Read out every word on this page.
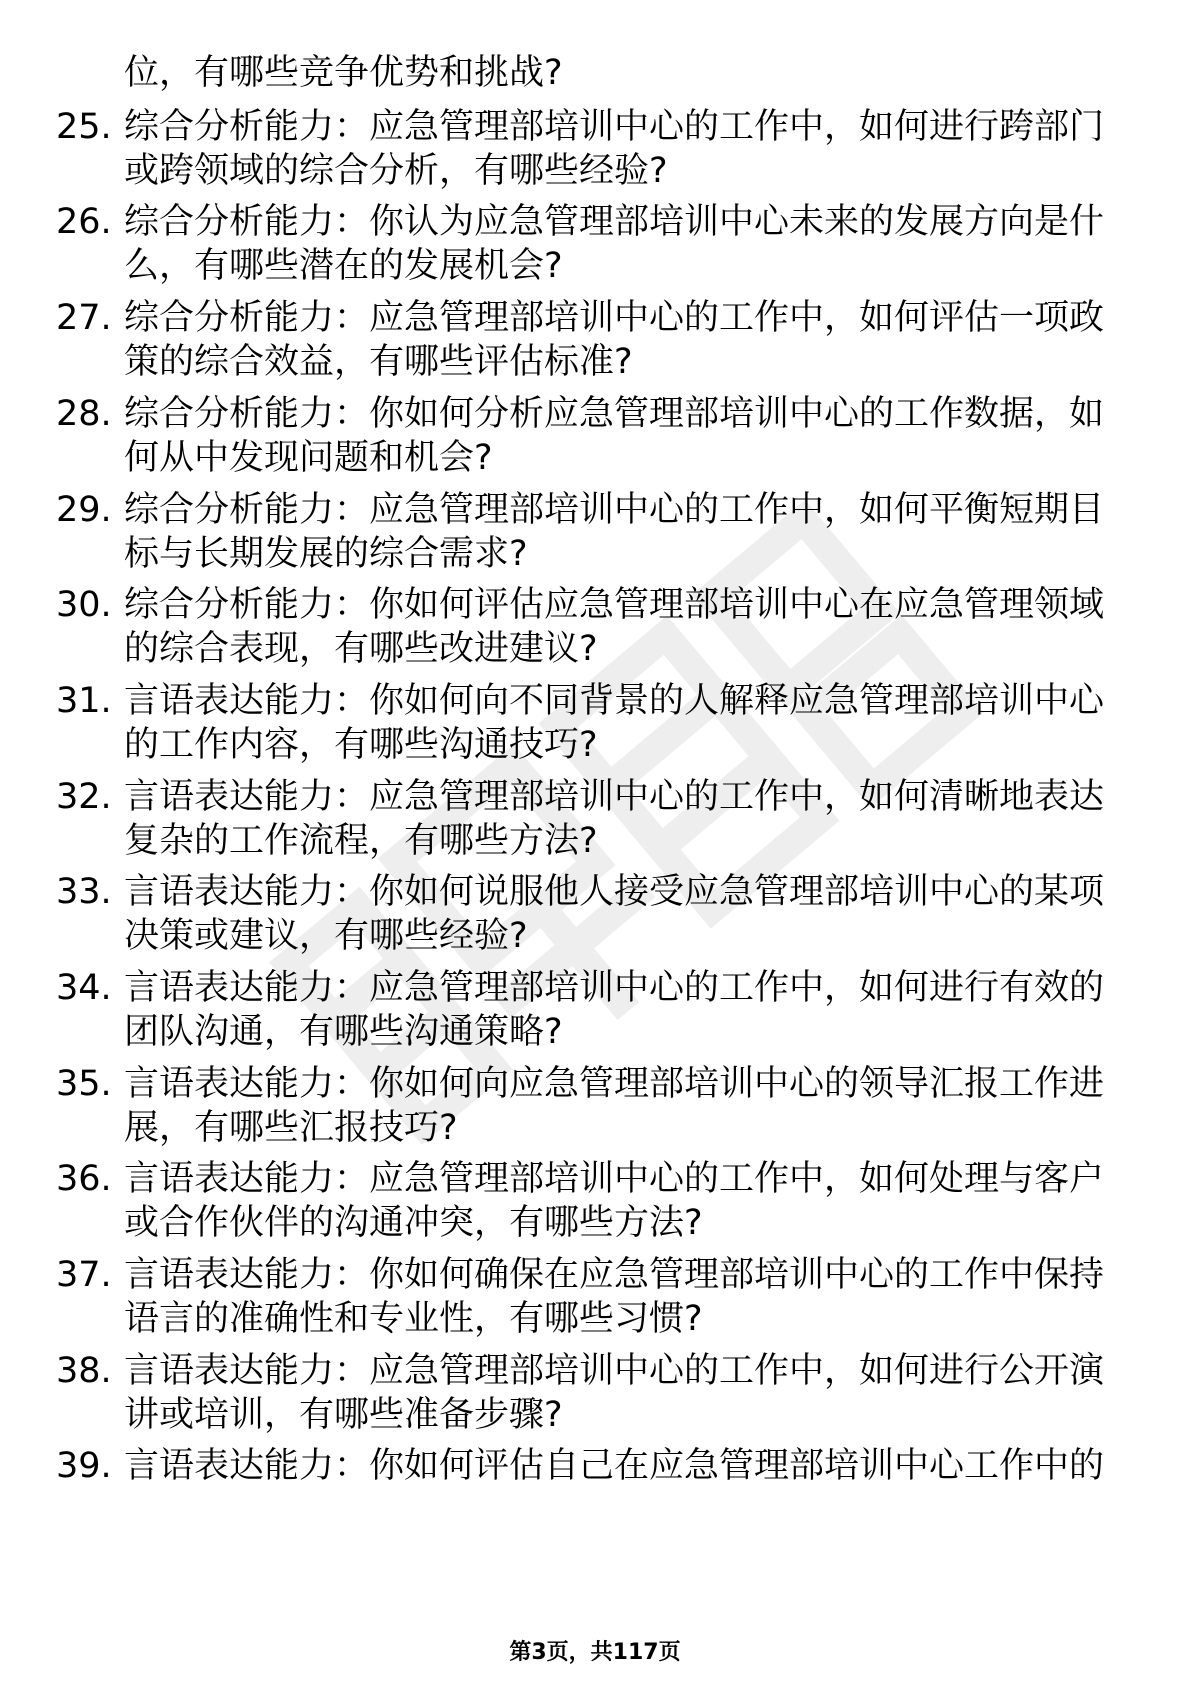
位，有哪些竞争优势和挑战?
25. 综合分析能力：应急管理部培训中心的工作中，如何进行跨部门
或跨领域的综合分析，有哪些经验?
26. 综合分析能力：你认为应急管理部培训中心未来的发展方向是什
么，有哪些潜在的发展机会?
27. 综合分析能力：应急管理部培训中心的工作中，如何评估一项政
策的综合效益，有哪些评估标准?
28. 综合分析能力：你如何分析应急管理部培训中心的工作数据，如
何从中发现问题和机会?
29. 综合分析能力：应急管理部培训中心的工作中，如何平衡短期目
标与长期发展的综合需求?
30. 综合分析能力：你如何评估应急管理部培训中心在应急管理领域
的综合表现，有哪些改进建议?
31. 言语表达能力：你如何向不同背景的人解释应急管理部培训中心
的工作内容，有哪些沟通技巧?
32. 言语表达能力：应急管理部培训中心的工作中，如何清晰地表达
复杂的工作流程，有哪些方法?
33. 言语表达能力：你如何说服他人接受应急管理部培训中心的某项
决策或建议，有哪些经验?
34. 言语表达能力：应急管理部培训中心的工作中，如何进行有效的
团队沟通，有哪些沟通策略?
35. 言语表达能力：你如何向应急管理部培训中心的领导汇报工作进
展，有哪些汇报技巧?
36. 言语表达能力：应急管理部培训中心的工作中，如何处理与客户
或合作伙伴的沟通冲突，有哪些方法?
37. 言语表达能力：你如何确保在应急管理部培训中心的工作中保持
语言的准确性和专业性，有哪些习惯?
38. 言语表达能力：应急管理部培训中心的工作中，如何进行公开演
讲或培训，有哪些准备步骤?
39. 言语表达能力：你如何评估自己在应急管理部培训中心工作中的
第3页，共117页
